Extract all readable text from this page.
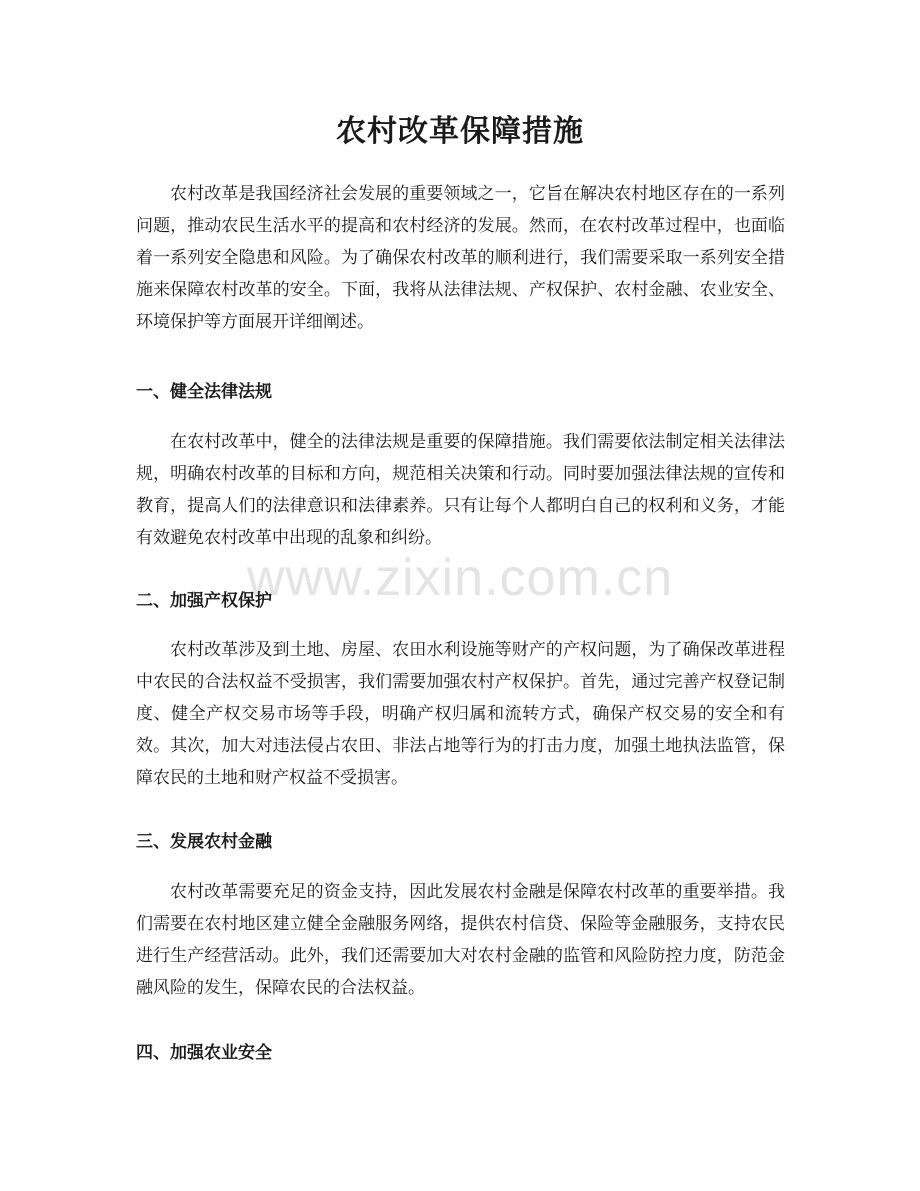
www.zixin.com.cn
农村改革保障措施

农村改革是我国经济社会发展的重要领域之一，它旨在解决农村地区存在的一系列问题，推动农民生活水平的提高和农村经济的发展。然而，在农村改革过程中，也面临着一系列安全隐患和风险。为了确保农村改革的顺利进行，我们需要采取一系列安全措施来保障农村改革的安全。下面，我将从法律法规、产权保护、农村金融、农业安全、环境保护等方面展开详细阐述。

一、健全法律法规

在农村改革中，健全的法律法规是重要的保障措施。我们需要依法制定相关法律法规，明确农村改革的目标和方向，规范相关决策和行动。同时要加强法律法规的宣传和教育，提高人们的法律意识和法律素养。只有让每个人都明白自己的权利和义务，才能有效避免农村改革中出现的乱象和纠纷。

二、加强产权保护

农村改革涉及到土地、房屋、农田水利设施等财产的产权问题，为了确保改革进程中农民的合法权益不受损害，我们需要加强农村产权保护。首先，通过完善产权登记制度、健全产权交易市场等手段，明确产权归属和流转方式，确保产权交易的安全和有效。其次，加大对违法侵占农田、非法占地等行为的打击力度，加强土地执法监管，保障农民的土地和财产权益不受损害。

三、发展农村金融

农村改革需要充足的资金支持，因此发展农村金融是保障农村改革的重要举措。我们需要在农村地区建立健全金融服务网络，提供农村信贷、保险等金融服务，支持农民进行生产经营活动。此外，我们还需要加大对农村金融的监管和风险防控力度，防范金融风险的发生，保障农民的合法权益。

四、加强农业安全
